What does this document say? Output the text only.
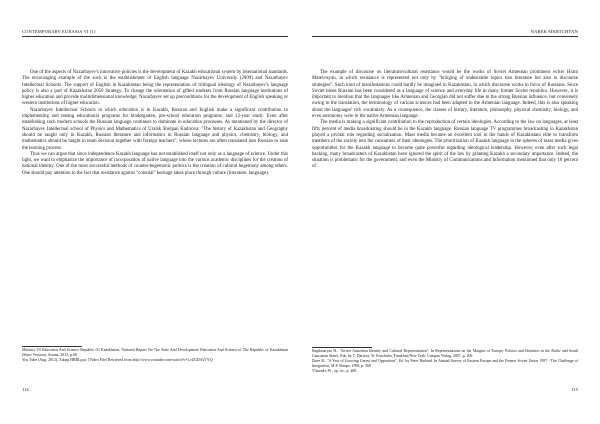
CONTEMPORARY EURASIA VI (1)

One of the aspects of Nazarbayev's innovative policies is the development of Kazakh educational system by international standards. The encouraging example of the such is the establishment of English language Nazarbayev University (2009) and Nazarbayev Intellectual Schools. The support of English in Kazakhstan being the representation of trilingual ideology of Nazarbayev's language policy is also a part of Kazakhstan 2050 Strategy. To change the orientation of gifted students from Russian language institutions of higher education and provide multidimensional knowledge, Nazarbayev set up preconditions for the development of English speaking or western institutions of higher education.

Nazarbayev Intellectual Schools in which education is in Kazakh, Russian and English make a significant contribution to implementing and testing educational programs for kindergarten, pre-school education programs, and 12-year study. Even after establishing such modern schools the Russian language continues to dominate in education processes. As mentioned by the director of Nazarbayev Intellectual school of Physics and Mathematics of Uralsk Sholpan Kadirova: "The history of Kazakhstan and Geography should be taught only in Kazakh, Russian literature and informatics in Russian language and physics, chemistry, biology, and mathematics should be taught in team decision together with foreign teachers", whose lectures are often translated into Russian to ease the learning process.

Thus we can argue that since independence Kazakh language has not established itself not only as a language of science. Under this light, we want to emphasize the importance of incorporation of native language into the various academic disciplines for the creation of national identity. One of the most successful methods of counter-hegemonic politics is the creation of cultural hegemony among others. One should pay attention to the fact that resistance against "colonial" heritage takes place through culture (literature, language).

Ministry Of Education And Science Republic Of Kazakhstan, National Report On The State And Development Education And Science of The Republic of Kazakhstan (Short Version), Astana, 2013, p.68

You Tube (Aug. 2012), Xabap HRBLpya, [Video File] Retrieved from http://www.youtube.com/watch?v=LvZGDAsVYQ

114
NAREK MKRTCHYAN

The example of discourse on literature/cultural resistance would be the works of Soviet Armenian prominent writer Hrant Matevosyan, in which resistance is represented not only by "bringing of undesirable topics into literature but also in discourse strategies". Such kind of manifestations could hardly be imagined in Kazakhstan, in which discourse works in favor of Russians. Since Soviet times Russian has been considered as a language of science and everyday life in many former Soviet republics. However, it is important to mention that the languages like Armenian and Georgian did not suffer due to the strong Russian influence, but conversely owing to the translation, the terminology of various sciences had been adapted to the Armenian language. Indeed, this is also speaking about the languages' rich vocabulary. As a consequence, the classes of history, literature, philosophy, physical chemistry, biology, and even astronomy were in the native Armenian language.

The media is making a significant contribution to the reproduction of certain ideologies. According to the law on languages, at least fifty percent of media broadcasting should be in the Kazakh language. Russian language TV programmes broadcasting in Kazakhstan played a pivotal role regarding socialization. Mass media became an excellent tool in the hands of Kazakhstani elite to transform members of the society into the consumers of their ideologies. The prioritization of Kazakh language in the spheres of mass media gives opportunities for the Kazakh language to become quite powerful regarding ideological leadership. However, even after such legal backing, many broadcasters of Kazakhstan have ignored the spirit of the law by granting Kazakh a secondary importance. Indeed, the situation is problematic for the government, and even the Ministry of Communications and Information mentioned that only 10 percent of

Bagdasaryan H., "Soviet Armenian Identity and Cultural Representation", In Representations on the Margins of Europe: Politics and Identities in the Baltic and South Caucasian States. Eds. by T. Darieva, W. Kaschuba, Frankfurt/New York: Campus Verlag, 2007, p. 206

Dave B., "A Year of Growing Unrest and Opposition", Ed. by Peter Rutland. In Annual Survey of Eastern Europe and the Former Soviet Union 1997 - The Challenge of Integration, M.E Sharpe, 1998, p. 369

Vlasenko W., op. cit., p. 408.

115
